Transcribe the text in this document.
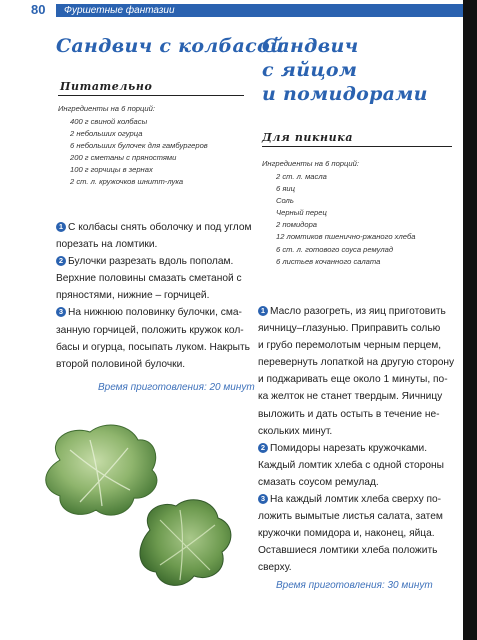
80	Фуршетные фантазии
Сандвич с колбасой
Питательно
Ингредиенты на 6 порций:
400 г свиной колбасы
2 небольших огурца
6 небольших булочек для гамбургеров
200 г сметаны с пряностями
100 г горчицы в зернах
2 ст. л. кружочков шнитт-лука

1 С колбасы снять оболочку и под углом
порезать на ломтики.

2 Булочки разрезать вдоль пополам.
Верхние половины смазать сметаной с
пряностями, нижние – горчицей.

3 На нижнюю половинку булочки, сма-
занную горчицей, положить кружок кол-
басы и огурца, посыпать луком. Накрыть
второй половиной булочки.

Время приготовления: 20 минут
Сандвич
с яйцом
и помидорами
Для пикника
Ингредиенты на 6 порций:
2 ст. л. масла
6 яиц
Соль
Черный перец
2 помидора
12 ломтиков пшенично-ржаного хлеба
6 ст. л. готового соуса ремулад
6 листьев кочанного салата

1 Масло разогреть, из яиц приготовить
яичницу–глазунью. Приправить солью
и грубо перемолотым черным перцем,
перевернуть лопаткой на другую сторону
и поджаривать еще около 1 минуты, по-
ка желток не станет твердым. Яичницу
выложить и дать остыть в течение не-
скольких минут.

2 Помидоры нарезать кружочками.
Каждый ломтик хлеба с одной стороны
смазать соусом ремулад.

3 На каждый ломтик хлеба сверху по-
ложить вымытые листья салата, затем
кружочки помидора и, наконец, яйца.
Оставшиеся ломтики хлеба положить
сверху.

Время приготовления: 30 минут
